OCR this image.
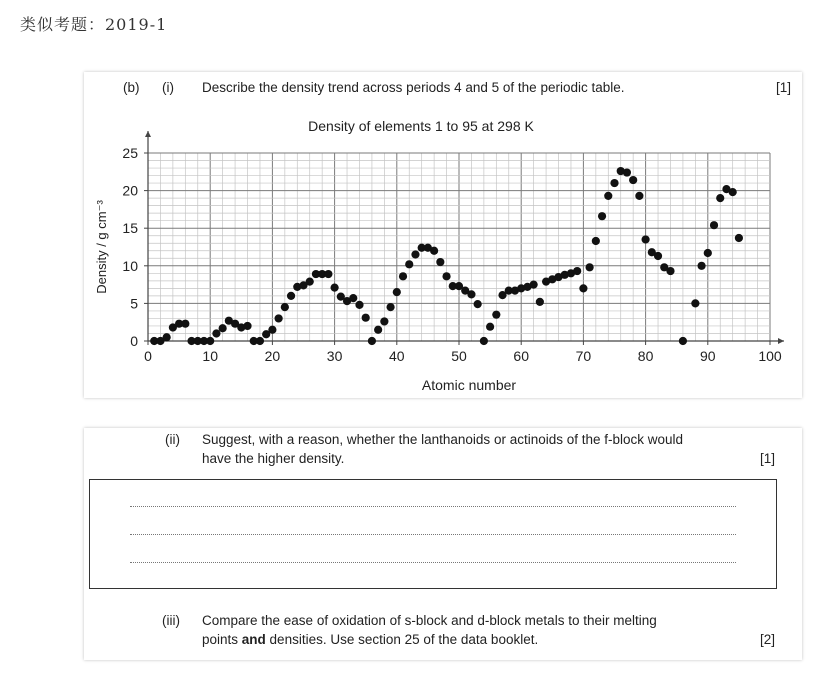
类似考题：2019-1
(b) (i) Describe the density trend across periods 4 and 5 of the periodic table.	[1]
Density of elements 1 to 95 at 298 K
0	10	20	30	40	50	60	70	80	90	100
0
5
10
15
20
25
Atomic number
Density / g cm⁻³
(ii) Suggest, with a reason, whether the lanthanoids or actinoids of the f-block would
have the higher density.	[1]
(iii) Compare the ease of oxidation of s-block and d-block metals to their melting
points and densities. Use section 25 of the data booklet.	[2]
